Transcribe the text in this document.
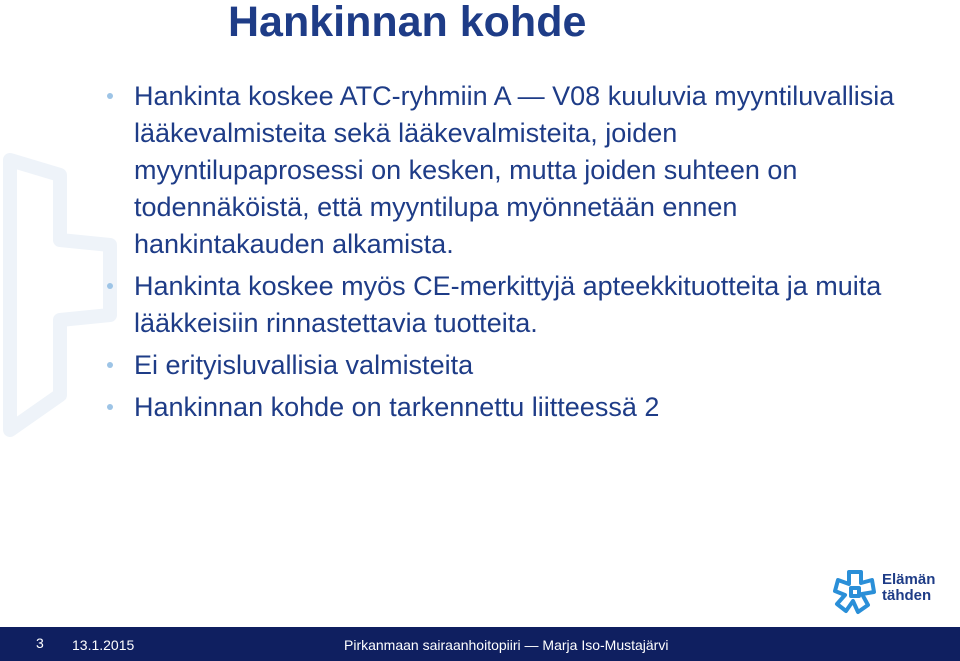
Hankinnan kohde
Hankinta koskee ATC-ryhmiin A — V08 kuuluvia myyntiluvallisia lääkevalmisteita sekä lääkevalmisteita, joiden myyntilupaprosessi on kesken, mutta joiden suhteen on todennäköistä, että myyntilupa myönnetään ennen hankintakauden alkamista.
Hankinta koskee myös CE-merkittyjä apteekkituotteita ja muita lääkkeisiin rinnastettavia tuotteita.
Ei erityisluvallisia valmisteita
Hankinnan kohde on tarkennettu liitteessä 2
Elämän
tähden
3 13.1.2015	Pirkanmaan sairaanhoitopiiri — Marja Iso-Mustajärvi
